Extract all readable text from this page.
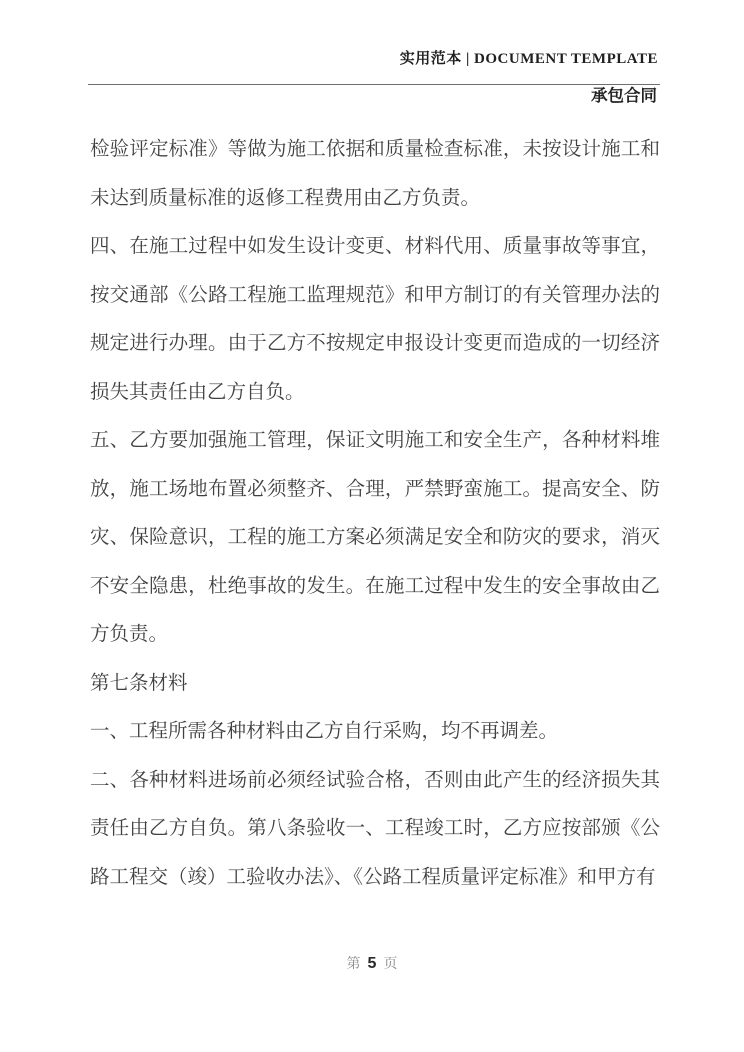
实用范本 | DOCUMENT TEMPLATE
承包合同

检验评定标准》等做为施工依据和质量检查标准，未按设计施工和未达到质量标准的返修工程费用由乙方负责。

四、在施工过程中如发生设计变更、材料代用、质量事故等事宜，按交通部《公路工程施工监理规范》和甲方制订的有关管理办法的规定进行办理。由于乙方不按规定申报设计变更而造成的一切经济损失其责任由乙方自负。

五、乙方要加强施工管理，保证文明施工和安全生产，各种材料堆放，施工场地布置必须整齐、合理，严禁野蛮施工。提高安全、防灾、保险意识，工程的施工方案必须满足安全和防灾的要求，消灭不安全隐患，杜绝事故的发生。在施工过程中发生的安全事故由乙方负责。

第七条材料

一、工程所需各种材料由乙方自行采购，均不再调差。

二、各种材料进场前必须经试验合格，否则由此产生的经济损失其责任由乙方自负。第八条验收一、工程竣工时，乙方应按部颁《公路工程交（竣）工验收办法》、《公路工程质量评定标准》和甲方有

第 5 页
